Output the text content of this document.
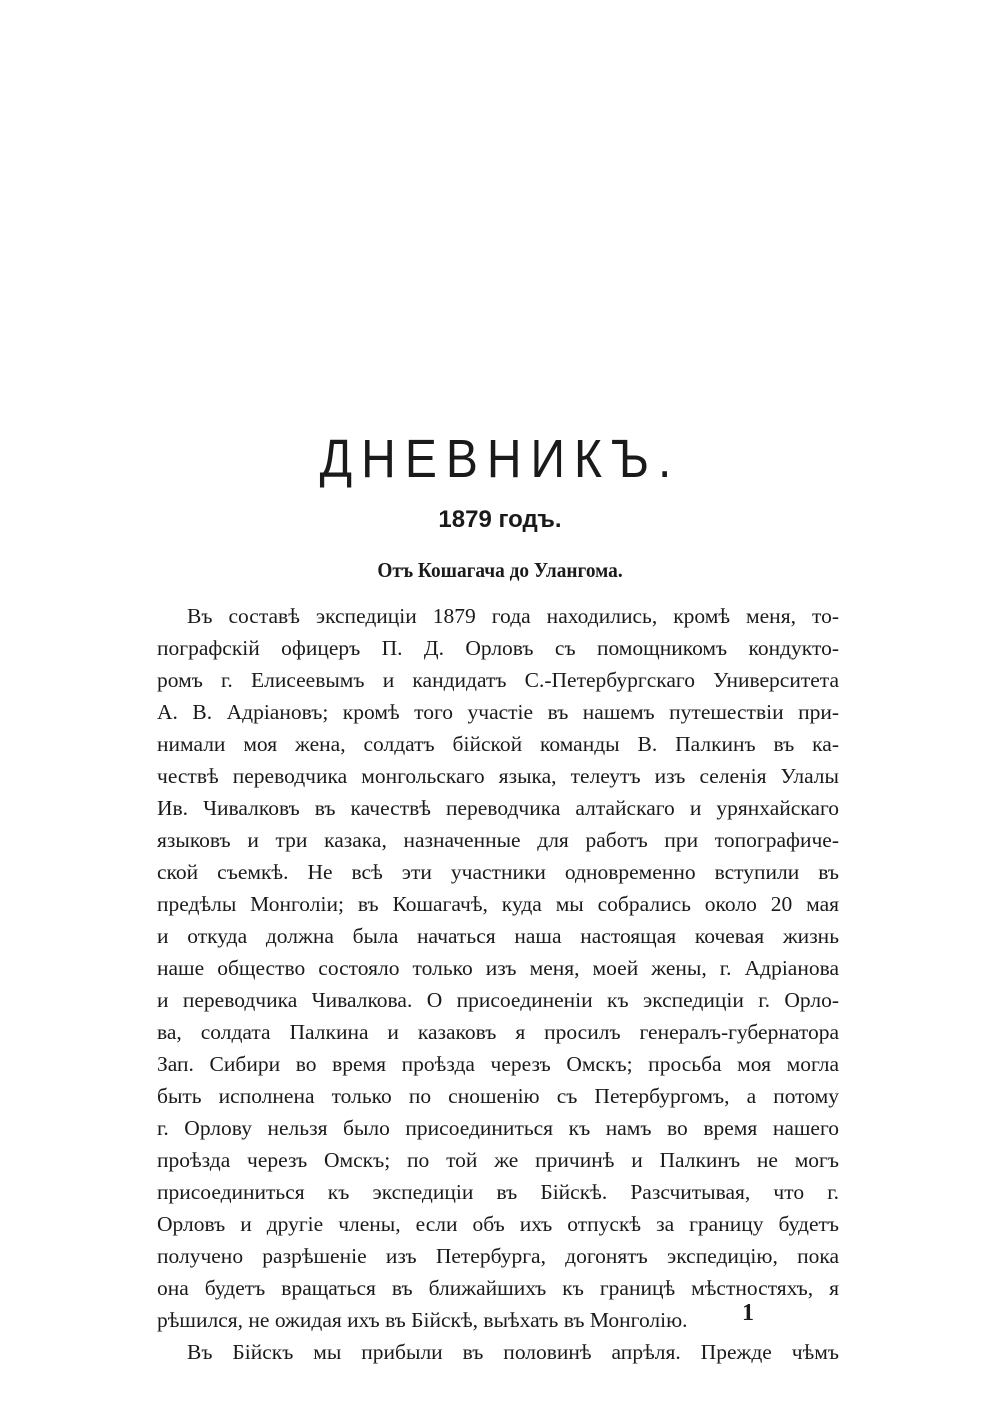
ДНЕВНИКЪ.
1879 годъ.
Отъ Кошагача до Улангома.
Въ составѣ экспедиціи 1879 года находились, кромѣ меня, то-
пографскій офицеръ П. Д. Орловъ съ помощникомъ кондукто-
ромъ г. Елисеевымъ и кандидатъ С.-Петербургскаго Университета
А. В. Адріановъ; кромѣ того участіе въ нашемъ путешествіи при-
нимали моя жена, солдатъ бійской команды В. Палкинъ въ ка-
чествѣ переводчика монгольскаго языка, телеутъ изъ селенія Улалы
Ив. Чивалковъ въ качествѣ переводчика алтайскаго и урянхайскаго
языковъ и три казака, назначенные для работъ при топографиче-
ской съемкѣ. Не всѣ эти участники одновременно вступили въ
предѣлы Монголіи; въ Кошагачѣ, куда мы собрались около 20 мая
и откуда должна была начаться наша настоящая кочевая жизнь
наше общество состояло только изъ меня, моей жены, г. Адріанова
и переводчика Чивалкова. О присоединеніи къ экспедиціи г. Орло-
ва, солдата Палкина и казаковъ я просилъ генералъ-губернатора
Зап. Сибири во время проѣзда черезъ Омскъ; просьба моя могла
быть исполнена только по сношенію съ Петербургомъ, а потому
г. Орлову нельзя было присоединиться къ намъ во время нашего
проѣзда черезъ Омскъ; по той же причинѣ и Палкинъ не могъ
присоединиться къ экспедиціи въ Бійскѣ. Разсчитывая, что г.
Орловъ и другіе члены, если объ ихъ отпускѣ за границу будетъ
получено разрѣшеніе изъ Петербурга, догонятъ экспедицію, пока
она будетъ вращаться въ ближайшихъ къ границѣ мѣстностяхъ, я
рѣшился, не ожидая ихъ въ Бійскѣ, выѣхать въ Монголію.
Въ Бійскъ мы прибыли въ половинѣ апрѣля. Прежде чѣмъ
1
